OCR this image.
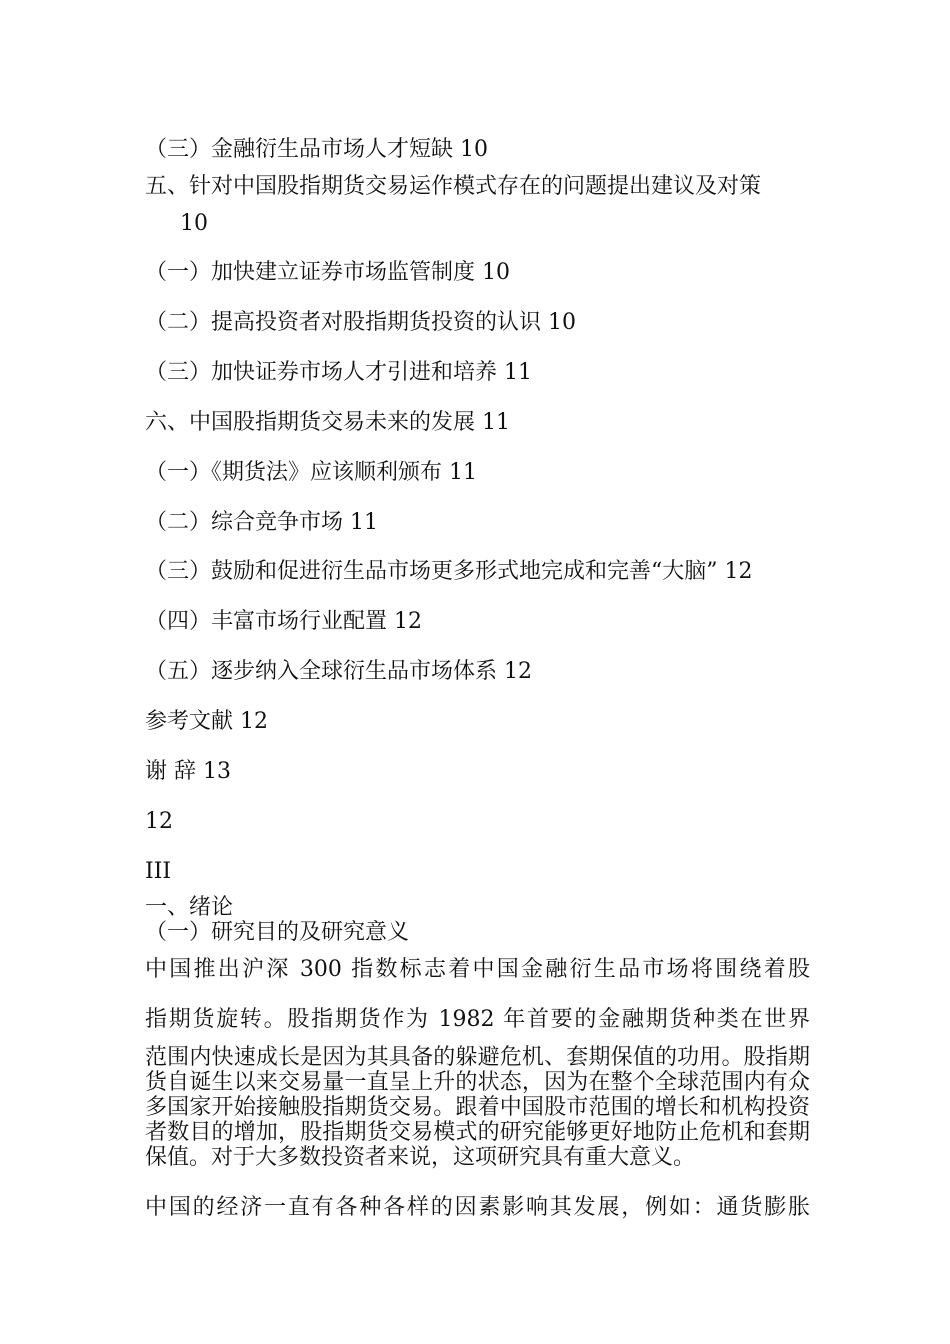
（三）金融衍生品市场人才短缺 10
五、针对中国股指期货交易运作模式存在的问题提出建议及对策
10
（一）加快建立证券市场监管制度 10
（二）提高投资者对股指期货投资的认识 10
（三）加快证券市场人才引进和培养 11
六、中国股指期货交易未来的发展 11
（一）《期货法》应该顺利颁布 11
（二）综合竞争市场 11
（三）鼓励和促进衍生品市场更多形式地完成和完善“大脑” 12
（四）丰富市场行业配置 12
（五）逐步纳入全球衍生品市场体系 12
参考文献 12
谢 辞 13
12
III
一、绪论
（一）研究目的及研究意义
中国推出沪深 300 指数标志着中国金融衍生品市场将围绕着股
指期货旋转。股指期货作为 1982 年首要的金融期货种类在世界
范围内快速成长是因为其具备的躲避危机、套期保值的功用。股指期货自诞生以来交易量一直呈上升的状态，因为在整个全球范围内有众多国家开始接触股指期货交易。跟着中国股市范围的增长和机构投资者数目的增加，股指期货交易模式的研究能够更好地防止危机和套期保值。对于大多数投资者来说，这项研究具有重大意义。
中国的经济一直有各种各样的因素影响其发展，例如：通货膨胀
